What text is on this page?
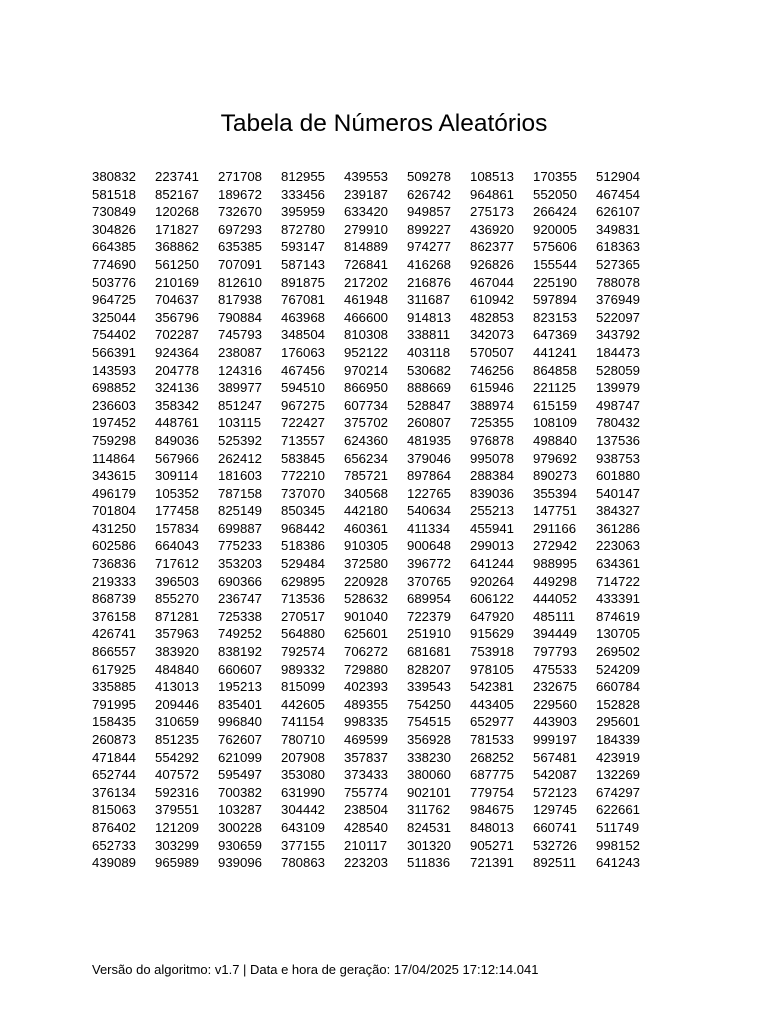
Tabela de Números Aleatórios
380832	223741	271708	812955	439553	509278	108513	170355	512904
581518	852167	189672	333456	239187	626742	964861	552050	467454
730849	120268	732670	395959	633420	949857	275173	266424	626107
304826	171827	697293	872780	279910	899227	436920	920005	349831
664385	368862	635385	593147	814889	974277	862377	575606	618363
774690	561250	707091	587143	726841	416268	926826	155544	527365
503776	210169	812610	891875	217202	216876	467044	225190	788078
964725	704637	817938	767081	461948	311687	610942	597894	376949
325044	356796	790884	463968	466600	914813	482853	823153	522097
754402	702287	745793	348504	810308	338811	342073	647369	343792
566391	924364	238087	176063	952122	403118	570507	441241	184473
143593	204778	124316	467456	970214	530682	746256	864858	528059
698852	324136	389977	594510	866950	888669	615946	221125	139979
236603	358342	851247	967275	607734	528847	388974	615159	498747
197452	448761	103115	722427	375702	260807	725355	108109	780432
759298	849036	525392	713557	624360	481935	976878	498840	137536
114864	567966	262412	583845	656234	379046	995078	979692	938753
343615	309114	181603	772210	785721	897864	288384	890273	601880
496179	105352	787158	737070	340568	122765	839036	355394	540147
701804	177458	825149	850345	442180	540634	255213	147751	384327
431250	157834	699887	968442	460361	411334	455941	291166	361286
602586	664043	775233	518386	910305	900648	299013	272942	223063
736836	717612	353203	529484	372580	396772	641244	988995	634361
219333	396503	690366	629895	220928	370765	920264	449298	714722
868739	855270	236747	713536	528632	689954	606122	444052	433391
376158	871281	725338	270517	901040	722379	647920	485111	874619
426741	357963	749252	564880	625601	251910	915629	394449	130705
866557	383920	838192	792574	706272	681681	753918	797793	269502
617925	484840	660607	989332	729880	828207	978105	475533	524209
335885	413013	195213	815099	402393	339543	542381	232675	660784
791995	209446	835401	442605	489355	754250	443405	229560	152828
158435	310659	996840	741154	998335	754515	652977	443903	295601
260873	851235	762607	780710	469599	356928	781533	999197	184339
471844	554292	621099	207908	357837	338230	268252	567481	423919
652744	407572	595497	353080	373433	380060	687775	542087	132269
376134	592316	700382	631990	755774	902101	779754	572123	674297
815063	379551	103287	304442	238504	311762	984675	129745	622661
876402	121209	300228	643109	428540	824531	848013	660741	511749
652733	303299	930659	377155	210117	301320	905271	532726	998152
439089	965989	939096	780863	223203	511836	721391	892511	641243
Versão do algoritmo: v1.7 | Data e hora de geração: 17/04/2025 17:12:14.041
